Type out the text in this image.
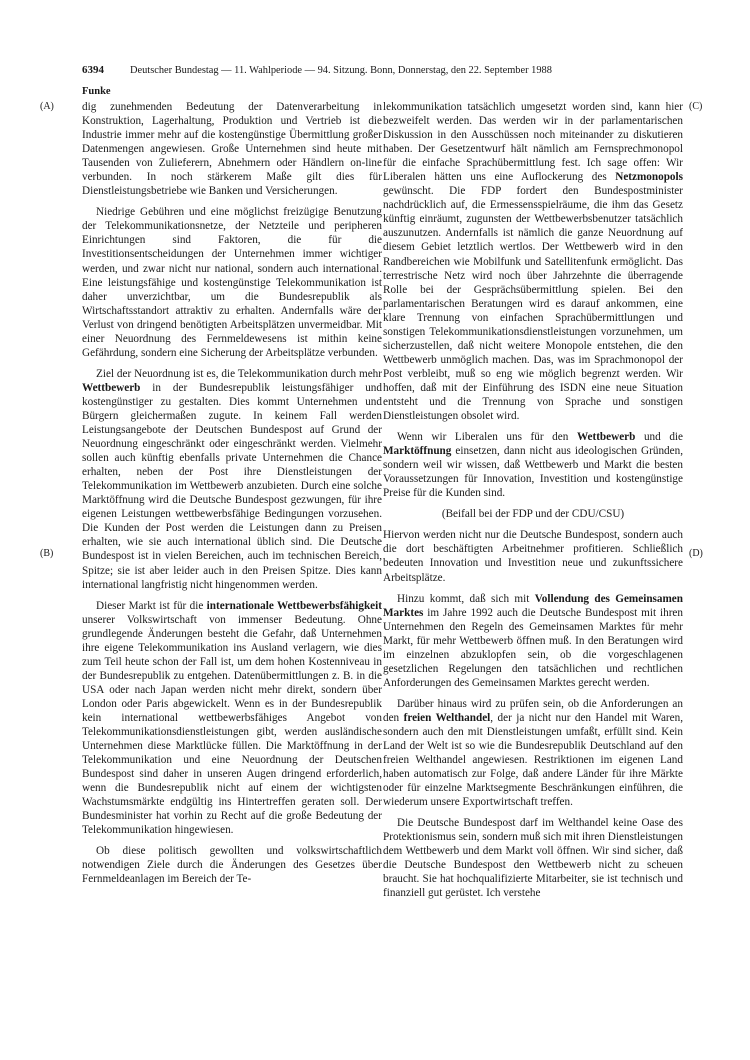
6394	Deutscher Bundestag — 11. Wahlperiode — 94. Sitzung. Bonn, Donnerstag, den 22. September 1988
Funke
(A)
(B)
(C)
(D)

dig zunehmenden Bedeutung der Datenverarbeitung in Konstruktion, Lagerhaltung, Produktion und Vertrieb ist die Industrie immer mehr auf die kostengünstige Übermittlung großer Datenmengen angewiesen. Große Unternehmen sind heute mit Tausenden von Zulieferern, Abnehmern oder Händlern on-line verbunden. In noch stärkerem Maße gilt dies für Dienstleistungsbetriebe wie Banken und Versicherungen.

Niedrige Gebühren und eine möglichst freizügige Benutzung der Telekommunikationsnetze, der Netzteile und peripheren Einrichtungen sind Faktoren, die für die Investitionsentscheidungen der Unternehmen immer wichtiger werden, und zwar nicht nur national, sondern auch international. Eine leistungsfähige und kostengünstige Telekommunikation ist daher unverzichtbar, um die Bundesrepublik als Wirtschaftsstandort attraktiv zu erhalten. Andernfalls wäre der Verlust von dringend benötigten Arbeitsplätzen unvermeidbar. Mit einer Neuordnung des Fernmeldewesens ist mithin keine Gefährdung, sondern eine Sicherung der Arbeitsplätze verbunden.

Ziel der Neuordnung ist es, die Telekommunikation durch mehr Wettbewerb in der Bundesrepublik leistungsfähiger und kostengünstiger zu gestalten. Dies kommt Unternehmen und Bürgern gleichermaßen zugute. In keinem Fall werden Leistungsangebote der Deutschen Bundespost auf Grund der Neuordnung eingeschränkt oder eingeschränkt werden. Vielmehr sollen auch künftig ebenfalls private Unternehmen die Chance erhalten, neben der Post ihre Dienstleistungen der Telekommunikation im Wettbewerb anzubieten. Durch eine solche Marktöffnung wird die Deutsche Bundespost gezwungen, für ihre eigenen Leistungen wettbewerbsfähige Bedingungen vorzusehen. Die Kunden der Post werden die Leistungen dann zu Preisen erhalten, wie sie auch international üblich sind. Die Deutsche Bundespost ist in vielen Bereichen, auch im technischen Bereich, Spitze; sie ist aber leider auch in den Preisen Spitze. Dies kann international langfristig nicht hingenommen werden.

Dieser Markt ist für die internationale Wettbewerbsfähigkeit unserer Volkswirtschaft von immenser Bedeutung. Ohne grundlegende Änderungen besteht die Gefahr, daß Unternehmen ihre eigene Telekommunikation ins Ausland verlagern, wie dies zum Teil heute schon der Fall ist, um dem hohen Kostenniveau in der Bundesrepublik zu entgehen. Datenübermittlungen z. B. in die USA oder nach Japan werden nicht mehr direkt, sondern über London oder Paris abgewickelt. Wenn es in der Bundesrepublik kein international wettbewerbsfähiges Angebot von Telekommunikationsdienstleistungen gibt, werden ausländische Unternehmen diese Marktlücke füllen. Die Marktöffnung in der Telekommunikation und eine Neuordnung der Deutschen Bundespost sind daher in unseren Augen dringend erforderlich, wenn die Bundesrepublik nicht auf einem der wichtigsten Wachstumsmärkte endgültig ins Hintertreffen geraten soll. Der Bundesminister hat vorhin zu Recht auf die große Bedeutung der Telekommunikation hingewiesen.

Ob diese politisch gewollten und volkswirtschaftlich notwendigen Ziele durch die Änderungen des Gesetzes über Fernmeldeanlagen im Bereich der Te-

lekommunikation tatsächlich umgesetzt worden sind, kann hier bezweifelt werden. Das werden wir in der parlamentarischen Diskussion in den Ausschüssen noch miteinander zu diskutieren haben. Der Gesetzentwurf hält nämlich am Fernsprechmonopol für die einfache Sprachübermittlung fest. Ich sage offen: Wir Liberalen hätten uns eine Auflockerung des Netzmonopols gewünscht. Die FDP fordert den Bundespostminister nachdrücklich auf, die Ermessensspielräume, die ihm das Gesetz künftig einräumt, zugunsten der Wettbewerbsbenutzer tatsächlich auszunutzen. Andernfalls ist nämlich die ganze Neuordnung auf diesem Gebiet letztlich wertlos. Der Wettbewerb wird in den Randbereichen wie Mobilfunk und Satellitenfunk ermöglicht. Das terrestrische Netz wird noch über Jahrzehnte die überragende Rolle bei der Gesprächsübermittlung spielen. Bei den parlamentarischen Beratungen wird es darauf ankommen, eine klare Trennung von einfachen Sprachübermittlungen und sonstigen Telekommunikationsdienstleistungen vorzunehmen, um sicherzustellen, daß nicht weitere Monopole entstehen, die den Wettbewerb unmöglich machen. Das, was im Sprachmonopol der Post verbleibt, muß so eng wie möglich begrenzt werden. Wir hoffen, daß mit der Einführung des ISDN eine neue Situation entsteht und die Trennung von Sprache und sonstigen Dienstleistungen obsolet wird.

Wenn wir Liberalen uns für den Wettbewerb und die Marktöffnung einsetzen, dann nicht aus ideologischen Gründen, sondern weil wir wissen, daß Wettbewerb und Markt die besten Voraussetzungen für Innovation, Investition und kostengünstige Preise für die Kunden sind.

(Beifall bei der FDP und der CDU/CSU)

Hiervon werden nicht nur die Deutsche Bundespost, sondern auch die dort beschäftigten Arbeitnehmer profitieren. Schließlich bedeuten Innovation und Investition neue und zukunftssichere Arbeitsplätze.

Hinzu kommt, daß sich mit Vollendung des Gemeinsamen Marktes im Jahre 1992 auch die Deutsche Bundespost mit ihren Unternehmen den Regeln des Gemeinsamen Marktes für mehr Markt, für mehr Wettbewerb öffnen muß. In den Beratungen wird im einzelnen abzuklopfen sein, ob die vorgeschlagenen gesetzlichen Regelungen den tatsächlichen und rechtlichen Anforderungen des Gemeinsamen Marktes gerecht werden.

Darüber hinaus wird zu prüfen sein, ob die Anforderungen an den freien Welthandel, der ja nicht nur den Handel mit Waren, sondern auch den mit Dienstleistungen umfaßt, erfüllt sind. Kein Land der Welt ist so wie die Bundesrepublik Deutschland auf den freien Welthandel angewiesen. Restriktionen im eigenen Land haben automatisch zur Folge, daß andere Länder für ihre Märkte oder für einzelne Marktsegmente Beschränkungen einführen, die wiederum unsere Exportwirtschaft treffen.

Die Deutsche Bundespost darf im Welthandel keine Oase des Protektionismus sein, sondern muß sich mit ihren Dienstleistungen dem Wettbewerb und dem Markt voll öffnen. Wir sind sicher, daß die Deutsche Bundespost den Wettbewerb nicht zu scheuen braucht. Sie hat hochqualifizierte Mitarbeiter, sie ist technisch und finanziell gut gerüstet. Ich verstehe
